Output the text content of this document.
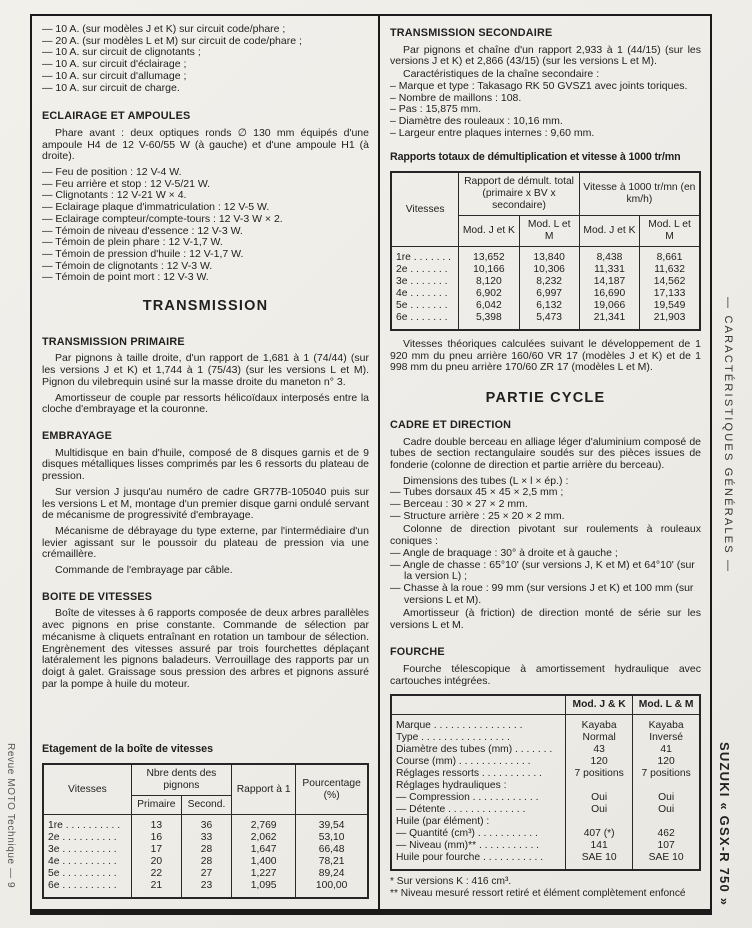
Revue MOTO Technique — 9
— CARACTÉRISTIQUES GÉNÉRALES —
SUZUKI « GSX-R 750 »
— 10 A. (sur modèles J et K) sur circuit code/phare ;
— 20 A. (sur modèles L et M) sur circuit de code/phare ;
— 10 A. sur circuit de clignotants ;
— 10 A. sur circuit d'éclairage ;
— 10 A. sur circuit d'allumage ;
— 10 A. sur circuit de charge.
ECLAIRAGE ET AMPOULES

Phare avant : deux optiques ronds ∅ 130 mm équipés d'une ampoule H4 de 12 V-60/55 W (à gauche) et d'une ampoule H1 (à droite).

— Feu de position : 12 V-4 W.
— Feu arrière et stop : 12 V-5/21 W.
— Clignotants : 12 V-21 W × 4.
— Eclairage plaque d'immatriculation : 12 V-5 W.
— Eclairage compteur/compte-tours : 12 V-3 W × 2.
— Témoin de niveau d'essence : 12 V-3 W.
— Témoin de plein phare : 12 V-1,7 W.
— Témoin de pression d'huile : 12 V-1,7 W.
— Témoin de clignotants : 12 V-3 W.
— Témoin de point mort : 12 V-3 W.
TRANSMISSION
TRANSMISSION PRIMAIRE

Par pignons à taille droite, d'un rapport de 1,681 à 1 (74/44) (sur les versions J et K) et 1,744 à 1 (75/43) (sur les versions L et M). Pignon du vilebrequin usiné sur la masse droite du maneton n° 3.

Amortisseur de couple par ressorts hélicoïdaux interposés entre la cloche d'embrayage et la couronne.

EMBRAYAGE

Multidisque en bain d'huile, composé de 8 disques garnis et de 9 disques métalliques lisses comprimés par les 6 ressorts du plateau de pression.

Sur version J jusqu'au numéro de cadre GR77B-105040 puis sur les versions L et M, montage d'un premier disque garni ondulé servant de mécanisme de progressivité d'embrayage.

Mécanisme de débrayage du type externe, par l'intermédiaire d'un levier agissant sur le poussoir du plateau de pression via une crémaillère.

Commande de l'embrayage par câble.

BOITE DE VITESSES

Boîte de vitesses à 6 rapports composée de deux arbres parallèles avec pignons en prise constante. Commande de sélection par mécanisme à cliquets entraînant en rotation un tambour de sélection. Engrènement des vitesses assuré par trois fourchettes déplaçant latéralement les pignons baladeurs. Verrouillage des rapports par un doigt à galet. Graissage sous pression des arbres et pignons assuré par la pompe à huile du moteur.

Etagement de la boîte de vitesses
Vitesses	Nbre dents des pignons		Rapport à 1	Pourcentage (%)
	Primaire	Second.		
1re . . . . . . . . . .	13	36	2,769	39,54
2e . . . . . . . . . .	16	33	2,062	53,10
3e . . . . . . . . . .	17	28	1,647	66,48
4e . . . . . . . . . .	20	28	1,400	78,21
5e . . . . . . . . . .	22	27	1,227	89,24
6e . . . . . . . . . .	21	23	1,095	100,00
TRANSMISSION SECONDAIRE

Par pignons et chaîne d'un rapport 2,933 à 1 (44/15) (sur les versions J et K) et 2,866 (43/15) (sur les versions L et M).

Caractéristiques de la chaîne secondaire :

– Marque et type : Takasago RK 50 GVSZ1 avec joints toriques.
– Nombre de maillons : 108.
– Pas : 15,875 mm.
– Diamètre des rouleaux : 10,16 mm.
– Largeur entre plaques internes : 9,60 mm.
Rapports totaux de démultiplication et vitesse à 1000 tr/mn
Vitesses	Rapport de démult. total (primaire x BV x secondaire)		Vitesse à 1000 tr/mn (en km/h)	
	Mod. J et K	Mod. L et M	Mod. J et K	Mod. L et M
1re . . . . . . .	13,652	13,840	8,438	8,661
2e . . . . . . .	10,166	10,306	11,331	11,632
3e . . . . . . .	8,120	8,232	14,187	14,562
4e . . . . . . .	6,902	6,997	16,690	17,133
5e . . . . . . .	6,042	6,132	19,066	19,549
6e . . . . . . .	5,398	5,473	21,341	21,903

Vitesses théoriques calculées suivant le développement de 1 920 mm du pneu arrière 160/60 VR 17 (modèles J et K) et de 1 998 mm du pneu arrière 170/60 ZR 17 (modèles L et M).

PARTIE CYCLE
CADRE ET DIRECTION

Cadre double berceau en alliage léger d'aluminium composé de tubes de section rectangulaire soudés sur des pièces issues de fonderie (colonne de direction et partie arrière du berceau).

Dimensions des tubes (L × l × ép.) :

— Tubes dorsaux 45 × 45 × 2,5 mm ;
— Berceau : 30 × 27 × 2 mm.
— Structure arrière : 25 × 20 × 2 mm.

Colonne de direction pivotant sur roulements à rouleaux coniques :

— Angle de braquage : 30° à droite et à gauche ;
— Angle de chasse : 65°10' (sur versions J, K et M) et 64°10' (sur la version L) ;
— Chasse à la roue : 99 mm (sur versions J et K) et 100 mm (sur versions L et M).

Amortisseur (à friction) de direction monté de série sur les versions L et M.

FOURCHE

Fourche télescopique à amortissement hydraulique avec cartouches intégrées.

	Mod. J & K	Mod. L & M
Marque . . . . . . . . . . . . . . . .	Kayaba	Kayaba
Type . . . . . . . . . . . . . . . .	Normal	Inversé
Diamètre des tubes (mm) . . . . . . .	43	41
Course (mm) . . . . . . . . . . . . .	120	120
Réglages ressorts . . . . . . . . . . .	7 positions	7 positions
Réglages hydrauliques :		
— Compression . . . . . . . . . . . .	Oui	Oui
— Détente . . . . . . . . . . . . . .	Oui	Oui
Huile (par élément) :		
— Quantité (cm³) . . . . . . . . . . .	407 (*)	462
— Niveau (mm)** . . . . . . . . . . .	141	107
Huile pour fourche . . . . . . . . . . .	SAE 10	SAE 10
* Sur versions K : 416 cm³.
** Niveau mesuré ressort retiré et élément complètement enfoncé
